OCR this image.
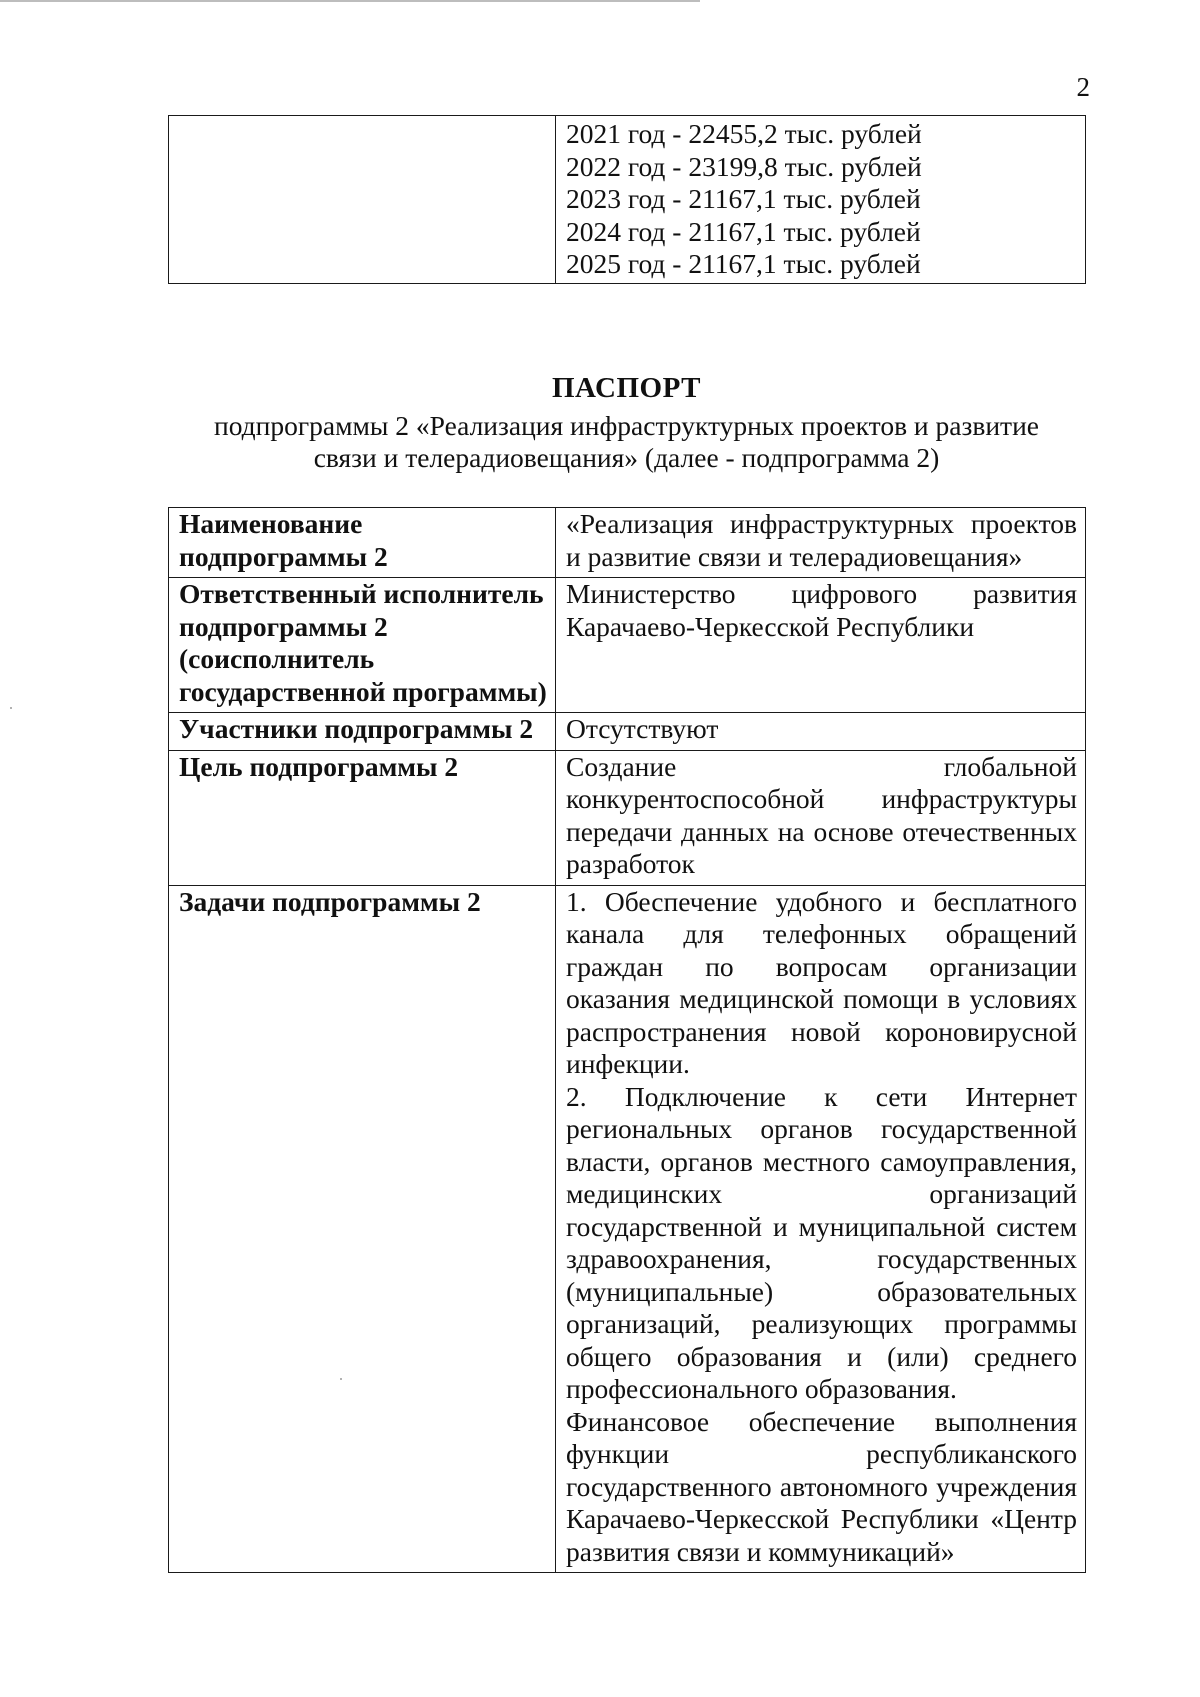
2

2021 год - 22455,2 тыс. рублей
2022 год - 23199,8 тыс. рублей
2023 год - 21167,1 тыс. рублей
2024 год - 21167,1 тыс. рублей
2025 год - 21167,1 тыс. рублей
ПАСПОРТ
подпрограммы 2 «Реализация инфраструктурных проектов и развитие
связи и телерадиовещания» (далее - подпрограмма 2)
Наименование подпрограммы 2	«Реализация инфраструктурных проектов и развитие связи и телерадиовещания»

Ответственный исполнитель подпрограммы 2 (соисполнитель государственной программы)	Министерство цифрового развития Карачаево-Черкесской Республики

Участники подпрограммы 2	Отсутствуют

Цель подпрограммы 2	Создание глобальной конкурентоспособной инфраструктуры передачи данных на основе отечественных разработок

Задачи подпрограммы 2	1. Обеспечение удобного и бесплатного канала для телефонных обращений граждан по вопросам организации оказания медицинской помощи в условиях распространения новой короновирусной инфекции.
2. Подключение к сети Интернет региональных органов государственной власти, органов местного самоуправления, медицинских организаций государственной и муниципальной систем здравоохранения, государственных (муниципальные) образовательных организаций, реализующих программы общего образования и (или) среднего профессионального образования.
Финансовое обеспечение выполнения функции республиканского государственного автономного учреждения Карачаево-Черкесской Республики «Центр развития связи и коммуникаций»
